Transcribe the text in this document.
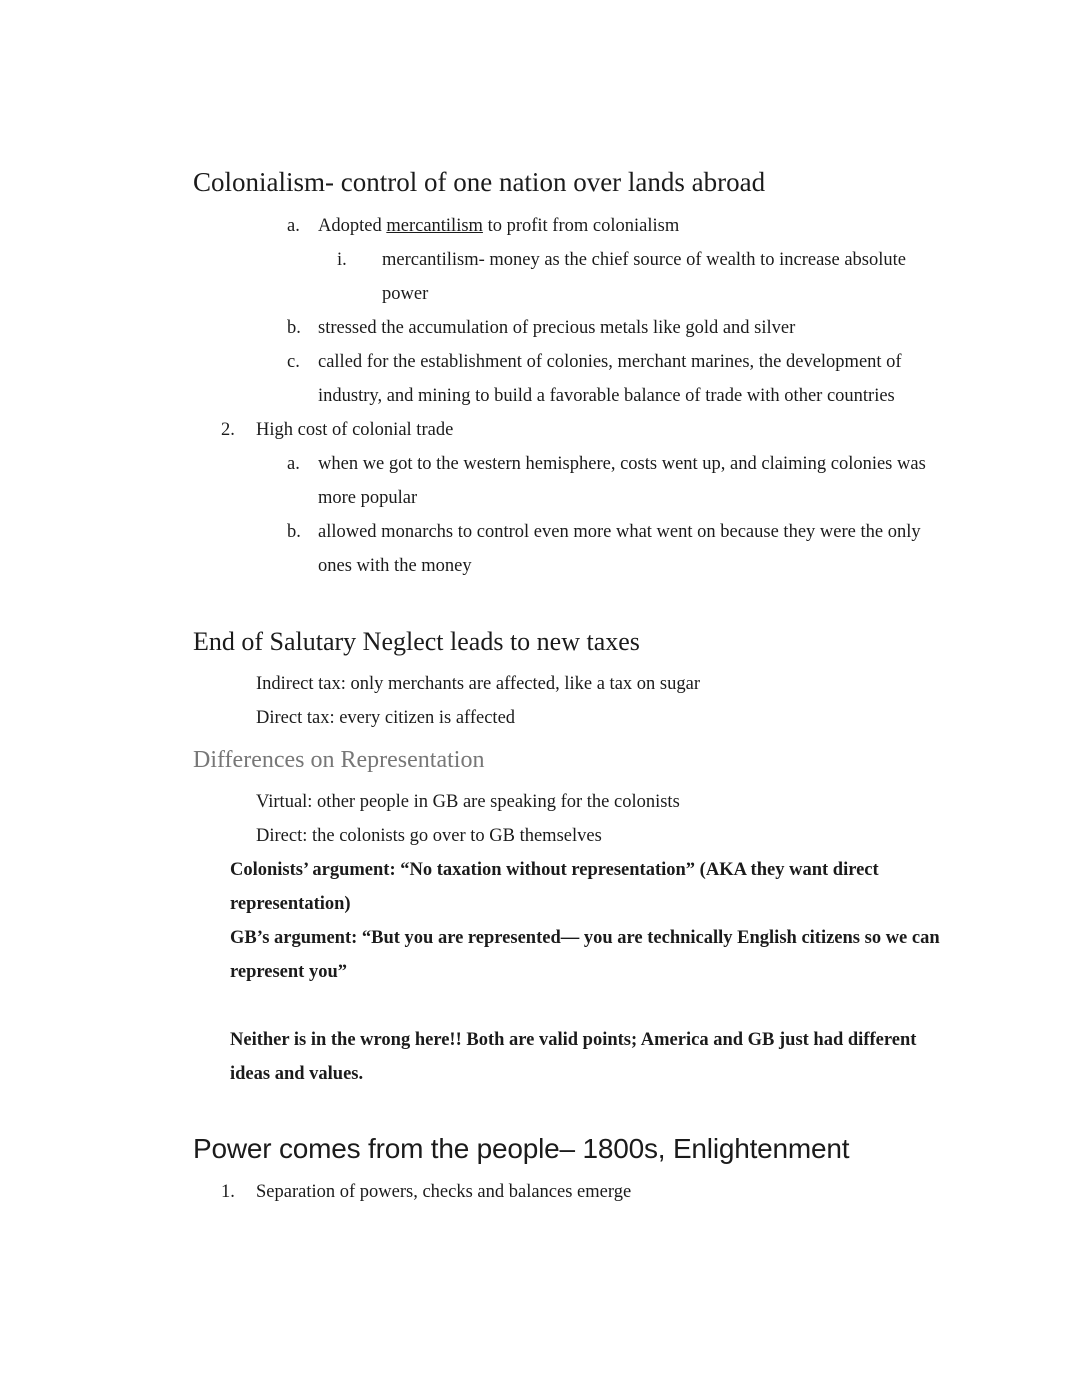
Colonialism- control of one nation over lands abroad
a. Adopted mercantilism to profit from colonialism
i.	mercantilism- money as the chief source of wealth to increase absolute power
b. stressed the accumulation of precious metals like gold and silver
c. called for the establishment of colonies, merchant marines, the development of industry, and mining to build a favorable balance of trade with other countries
2.	High cost of colonial trade
a. when we got to the western hemisphere, costs went up, and claiming colonies was more popular
b. allowed monarchs to control even more what went on because they were the only ones with the money
End of Salutary Neglect leads to new taxes
Indirect tax: only merchants are affected, like a tax on sugar
Direct tax: every citizen is affected
Differences on Representation
Virtual: other people in GB are speaking for the colonists
Direct: the colonists go over to GB themselves
Colonists’ argument: “No taxation without representation” (AKA they want direct representation)
GB’s argument: “But you are represented— you are technically English citizens so we can represent you”
Neither is in the wrong here!! Both are valid points; America and GB just had different ideas and values.
Power comes from the people– 1800s, Enlightenment
1.	Separation of powers, checks and balances emerge
